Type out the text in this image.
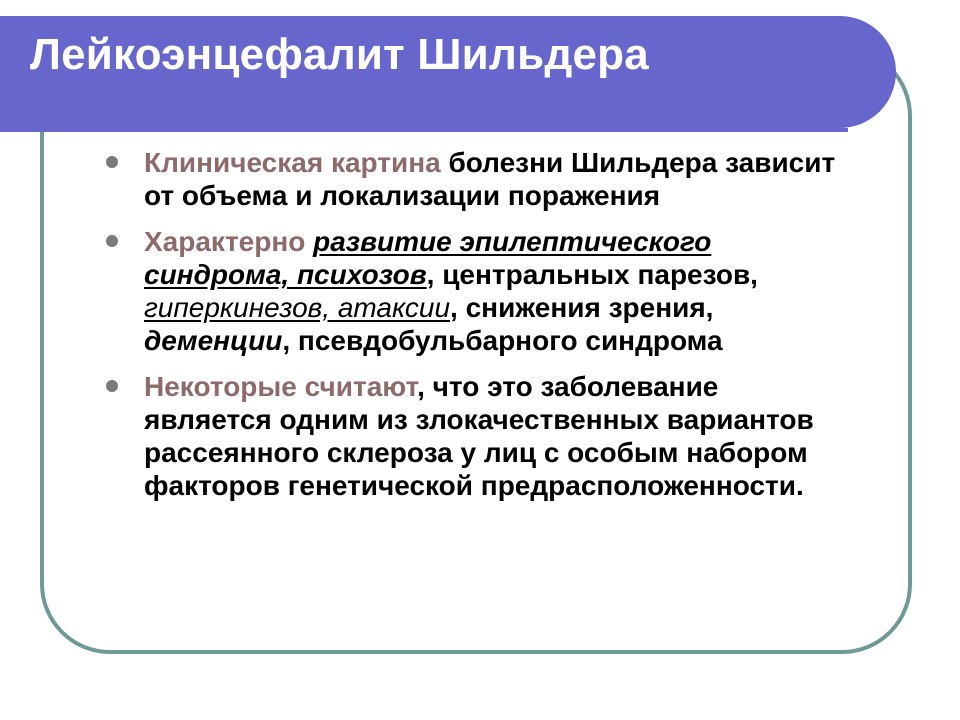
Лейкоэнцефалит Шильдера
Клиническая картина болезни Шильдера зависит от объема и локализации поражения
Характерно развитие эпилептического синдрома, психозов, центральных парезов, гиперкинезов, атаксии, снижения зрения, деменции, псевдобульбарного синдрома
Некоторые считают, что это заболевание является одним из злокачественных вариантов рассеянного склероза у лиц с особым набором факторов генетической предрасположенности.
